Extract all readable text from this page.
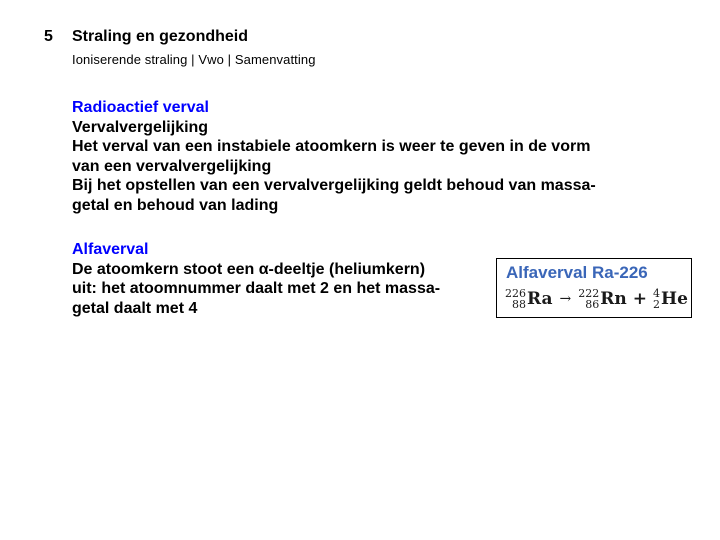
5 Straling en gezondheid
Ioniserende straling | Vwo | Samenvatting
Radioactief verval
Vervalvergelijking
Het verval van een instabiele atoomkern is weer te geven in de vorm
van een vervalvergelijking
Bij het opstellen van een vervalvergelijking geldt behoud van massa-
getal en behoud van lading
Alfaverval
De atoomkern stoot een α-deeltje (heliumkern)
uit: het atoomnummer daalt met 2 en het massa-
getal daalt met 4
Alfaverval Ra-226
226
88 Ra → 222
86 Rn + 4
2 He
